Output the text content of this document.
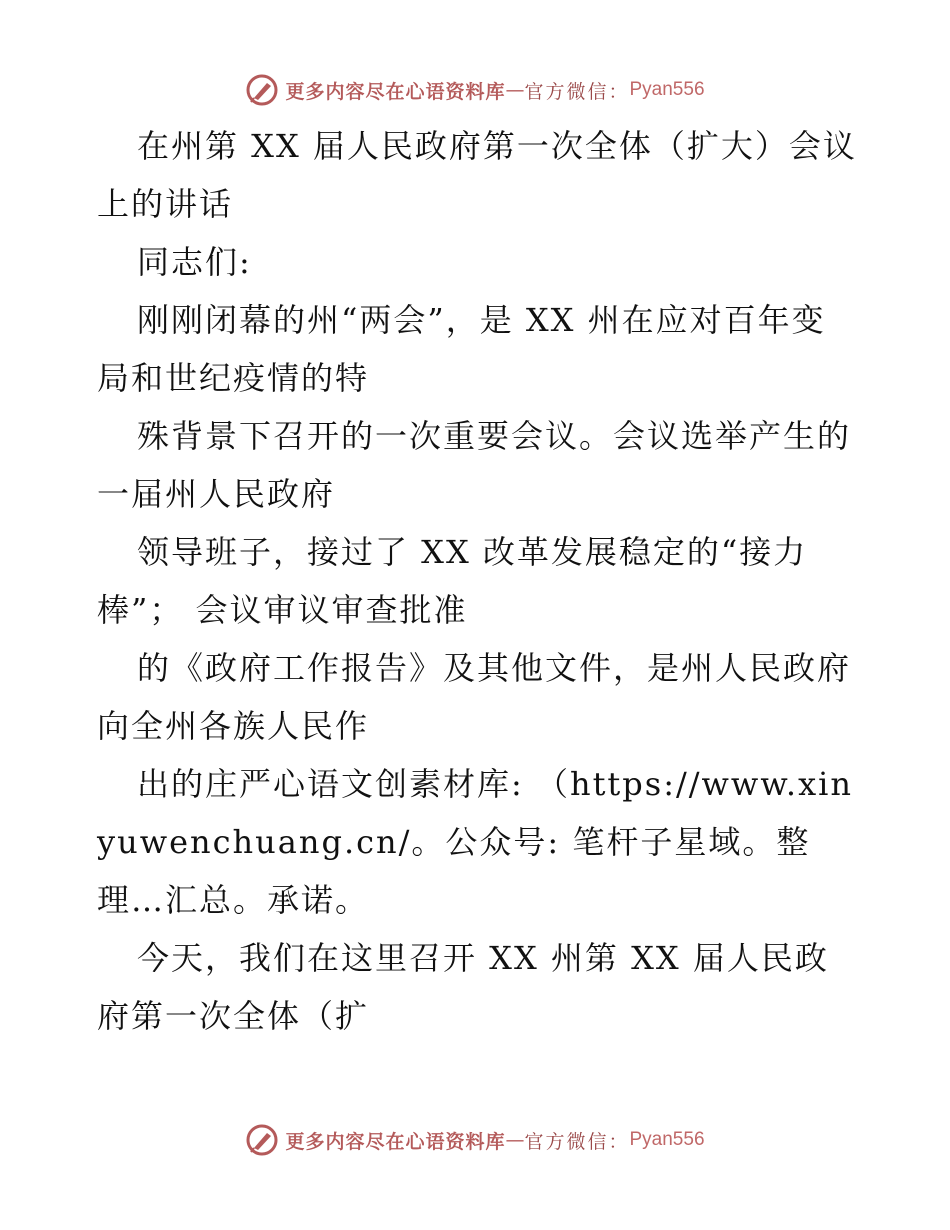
更多内容尽在心语资料库 — 官方微信： Pyan556

在州第 XX 届人民政府第一次全体（扩大）会议上的讲话

同志们:

刚刚闭幕的州“两会”，是 XX 州在应对百年变局和世纪疫情的特

殊背景下召开的一次重要会议。会议选举产生的一届州人民政府

领导班子，接过了 XX 改革发展稳定的“接力棒”； 会议审议审查批准

的《政府工作报告》及其他文件，是州人民政府向全州各族人民作

出的庄严心语文创素材库: （https://www.xinyuwenchuang.cn/。公众号: 笔杆子星域。整理…汇总。承诺。

今天，我们在这里召开 XX 州第 XX 届人民政府第一次全体（扩

更多内容尽在心语资料库 — 官方微信： Pyan556
